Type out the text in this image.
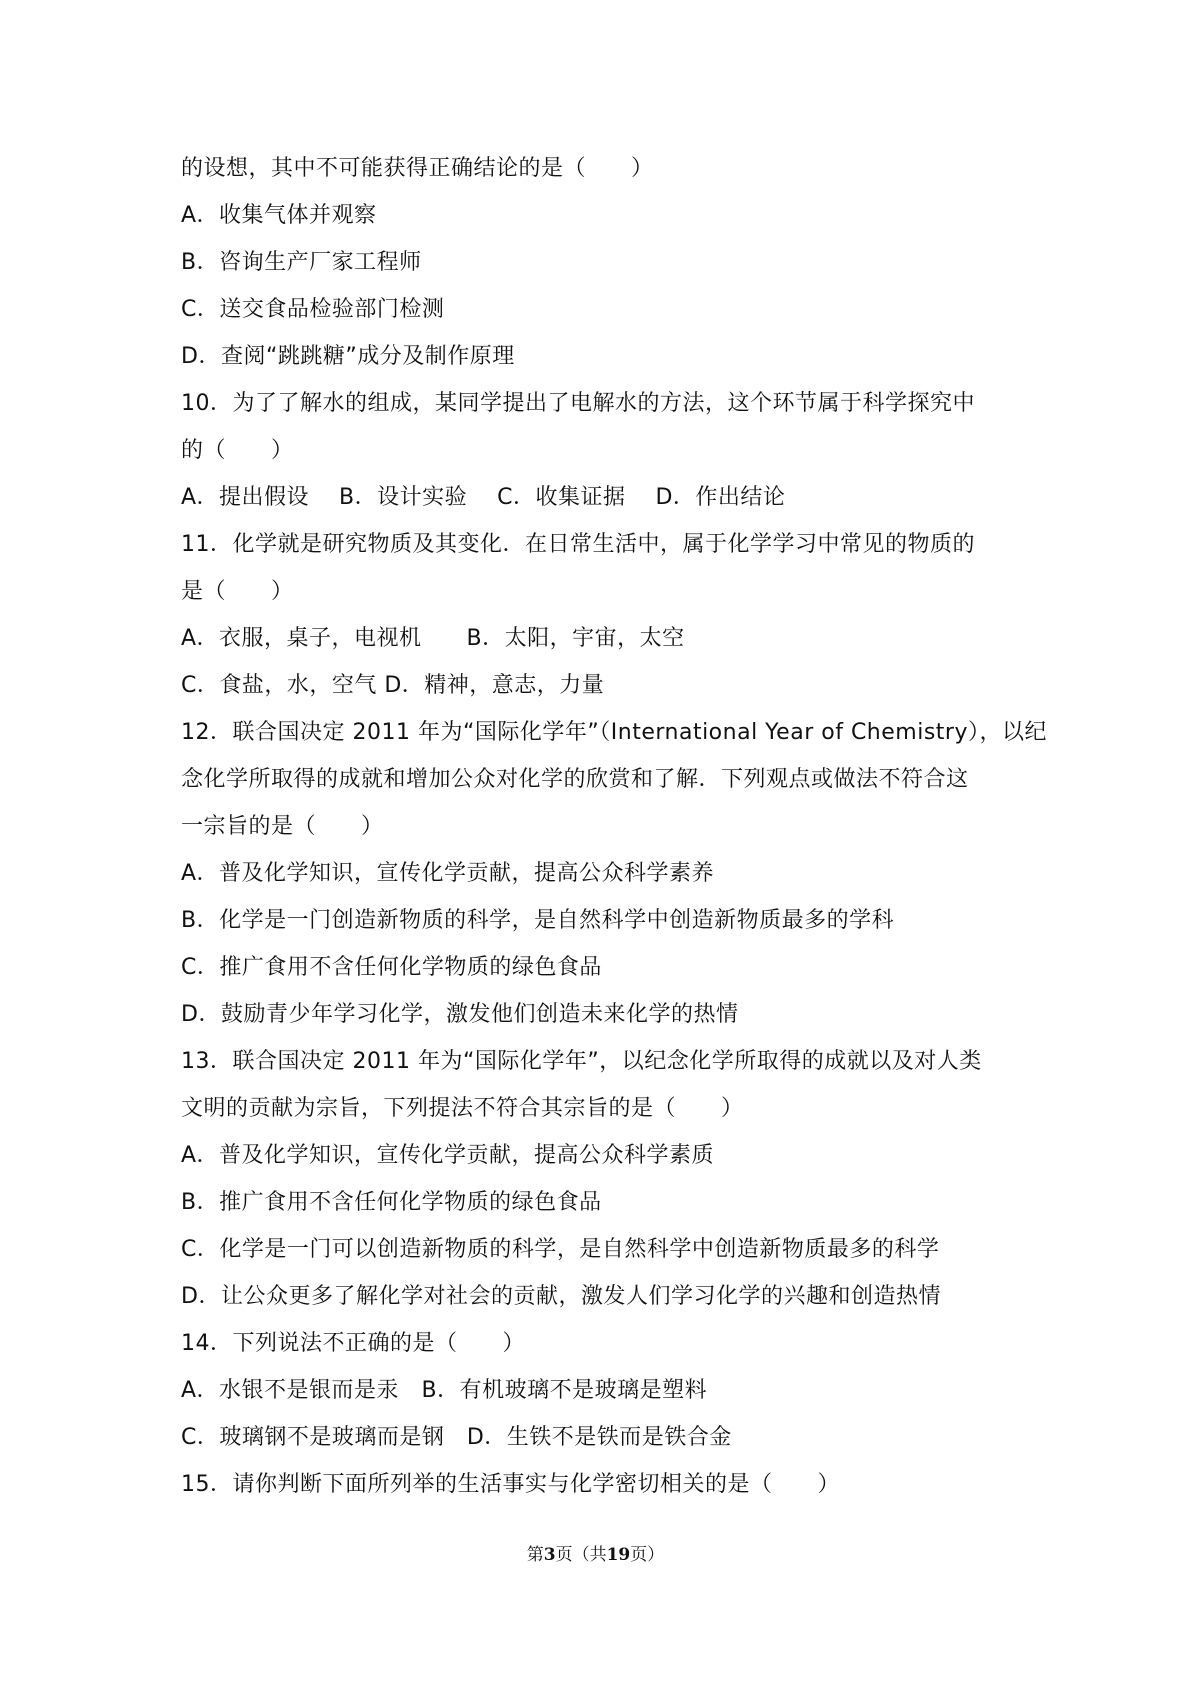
的设想，其中不可能获得正确结论的是（　　）
A．收集气体并观察
B．咨询生产厂家工程师
C．送交食品检验部门检测
D．查阅“跳跳糖”成分及制作原理
10．为了了解水的组成，某同学提出了电解水的方法，这个环节属于科学探究中
的（　　）
A．提出假设　 B．设计实验　 C．收集证据　 D．作出结论
11．化学就是研究物质及其变化．在日常生活中，属于化学学习中常见的物质的
是（　　）
A．衣服，桌子，电视机　　B．太阳，宇宙，太空
C．食盐，水，空气 D．精神，意志，力量
12．联合国决定 2011 年为“国际化学年”（International Year of Chemistry），以纪
念化学所取得的成就和增加公众对化学的欣赏和了解．下列观点或做法不符合这
一宗旨的是（　　）
A．普及化学知识，宣传化学贡献，提高公众科学素养
B．化学是一门创造新物质的科学，是自然科学中创造新物质最多的学科
C．推广食用不含任何化学物质的绿色食品
D．鼓励青少年学习化学，激发他们创造未来化学的热情
13．联合国决定 2011 年为“国际化学年”，以纪念化学所取得的成就以及对人类
文明的贡献为宗旨，下列提法不符合其宗旨的是（　　）
A．普及化学知识，宣传化学贡献，提高公众科学素质
B．推广食用不含任何化学物质的绿色食品
C．化学是一门可以创造新物质的科学，是自然科学中创造新物质最多的科学
D．让公众更多了解化学对社会的贡献，激发人们学习化学的兴趣和创造热情
14．下列说法不正确的是（　　）
A．水银不是银而是汞　B．有机玻璃不是玻璃是塑料
C．玻璃钢不是玻璃而是钢　D．生铁不是铁而是铁合金
15．请你判断下面所列举的生活事实与化学密切相关的是（　　）
第3页（共19页）
